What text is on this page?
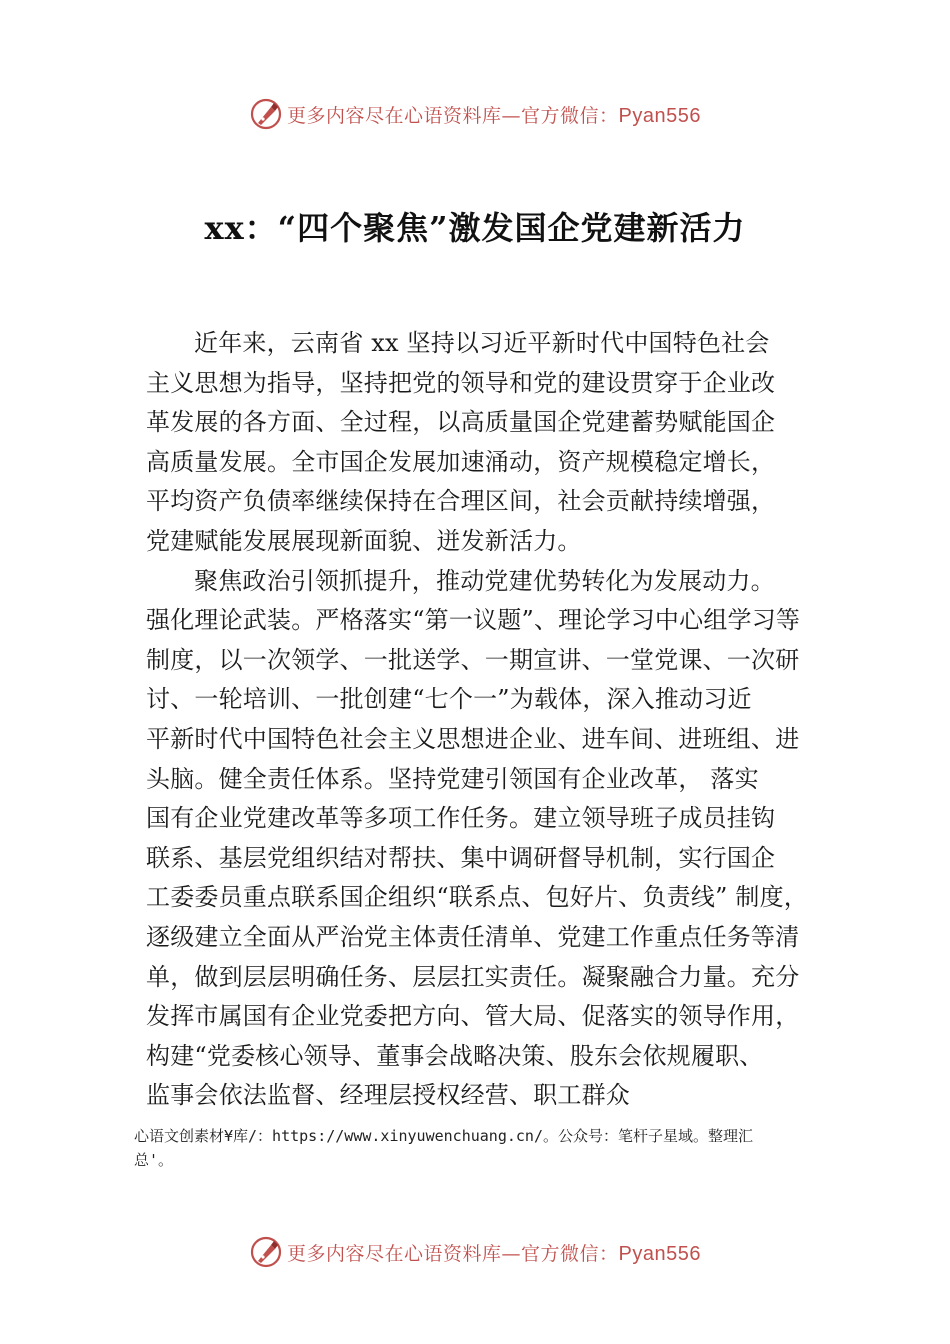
更多内容尽在心语资料库—官方微信：Pyan556
xx：“四个聚焦”激发国企党建新活力
近年来，云南省 xx 坚持以习近平新时代中国特色社会
主义思想为指导，坚持把党的领导和党的建设贯穿于企业改
革发展的各方面、全过程，以高质量国企党建蓄势赋能国企
高质量发展。全市国企发展加速涌动，资产规模稳定增长，
平均资产负债率继续保持在合理区间，社会贡献持续增强，
党建赋能发展展现新面貌、迸发新活力。
聚焦政治引领抓提升，推动党建优势转化为发展动力。
强化理论武装。严格落实“第一议题”、理论学习中心组学习等
制度，以一次领学、一批送学、一期宣讲、一堂党课、一次研
讨、一轮培训、一批创建“七个一”为载体，深入推动习近
平新时代中国特色社会主义思想进企业、进车间、进班组、进
头脑。健全责任体系。坚持党建引领国有企业改革， 落实
国有企业党建改革等多项工作任务。建立领导班子成员挂钩
联系、基层党组织结对帮扶、集中调研督导机制，实行国企
工委委员重点联系国企组织“联系点、包好片、负责线” 制度，
逐级建立全面从严治党主体责任清单、党建工作重点任务等清
单，做到层层明确任务、层层扛实责任。凝聚融合力量。充分
发挥市属国有企业党委把方向、管大局、促落实的领导作用，
构建“党委核心领导、董事会战略决策、股东会依规履职、
监事会依法监督、经理层授权经营、职工群众
心语文创素材¥库/：https://www.xinyuwenchuang.cn/。公众号：笔杆子星域。整理汇
总'。
更多内容尽在心语资料库—官方微信：Pyan556
